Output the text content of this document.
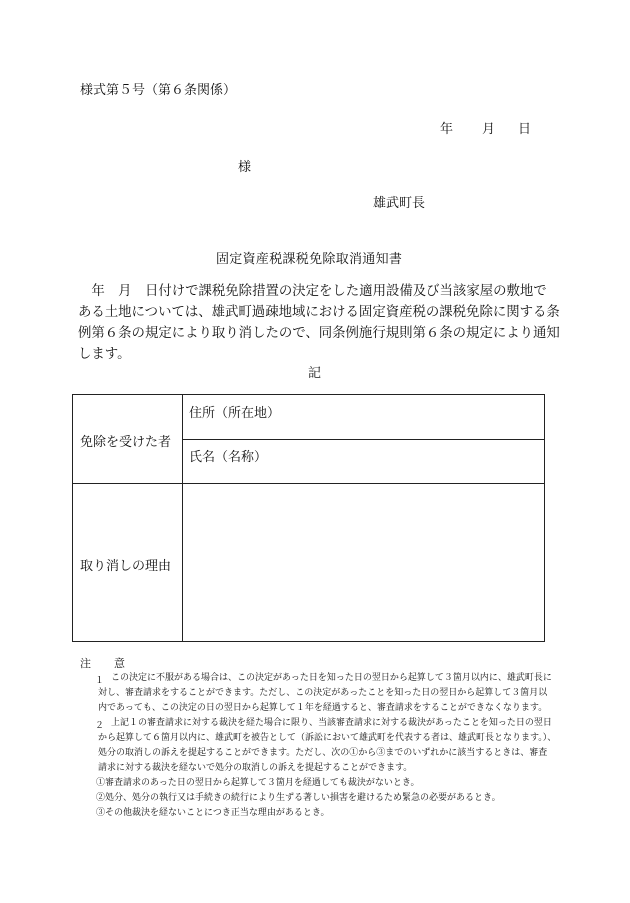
様式第５号（第６条関係）
年 月 日
様
雄武町長
固定資産税課税免除取消通知書

　年　月　日付けで課税免除措置の決定をした適用設備及び当該家屋の敷地で

ある土地については、雄武町過疎地域における固定資産税の課税免除に関する条

例第６条の規定により取り消したので、同条例施行規則第６条の規定により通知

します。

記
免除を受けた者
住所（所在地）
氏名（名称）
取り消しの理由
注　意
１ この決定に不服がある場合は、この決定があった日を知った日の翌日から起算して３箇月以内に、雄武町長に
対し、審査請求をすることができます。ただし、この決定があったことを知った日の翌日から起算して３箇月以
内であっても、この決定の日の翌日から起算して１年を経過すると、審査請求をすることができなくなります。
２ 上記１の審査請求に対する裁決を経た場合に限り、当該審査請求に対する裁決があったことを知った日の翌日
から起算して６箇月以内に、雄武町を被告として（訴訟において雄武町を代表する者は、雄武町長となります。）、
処分の取消しの訴えを提起することができます。ただし、次の①から③までのいずれかに該当するときは、審査
請求に対する裁決を経ないで処分の取消しの訴えを提起することができます。
①審査請求のあった日の翌日から起算して３箇月を経過しても裁決がないとき。
②処分、処分の執行又は手続きの続行により生ずる著しい損害を避けるため緊急の必要があるとき。
③その他裁決を経ないことにつき正当な理由があるとき。
